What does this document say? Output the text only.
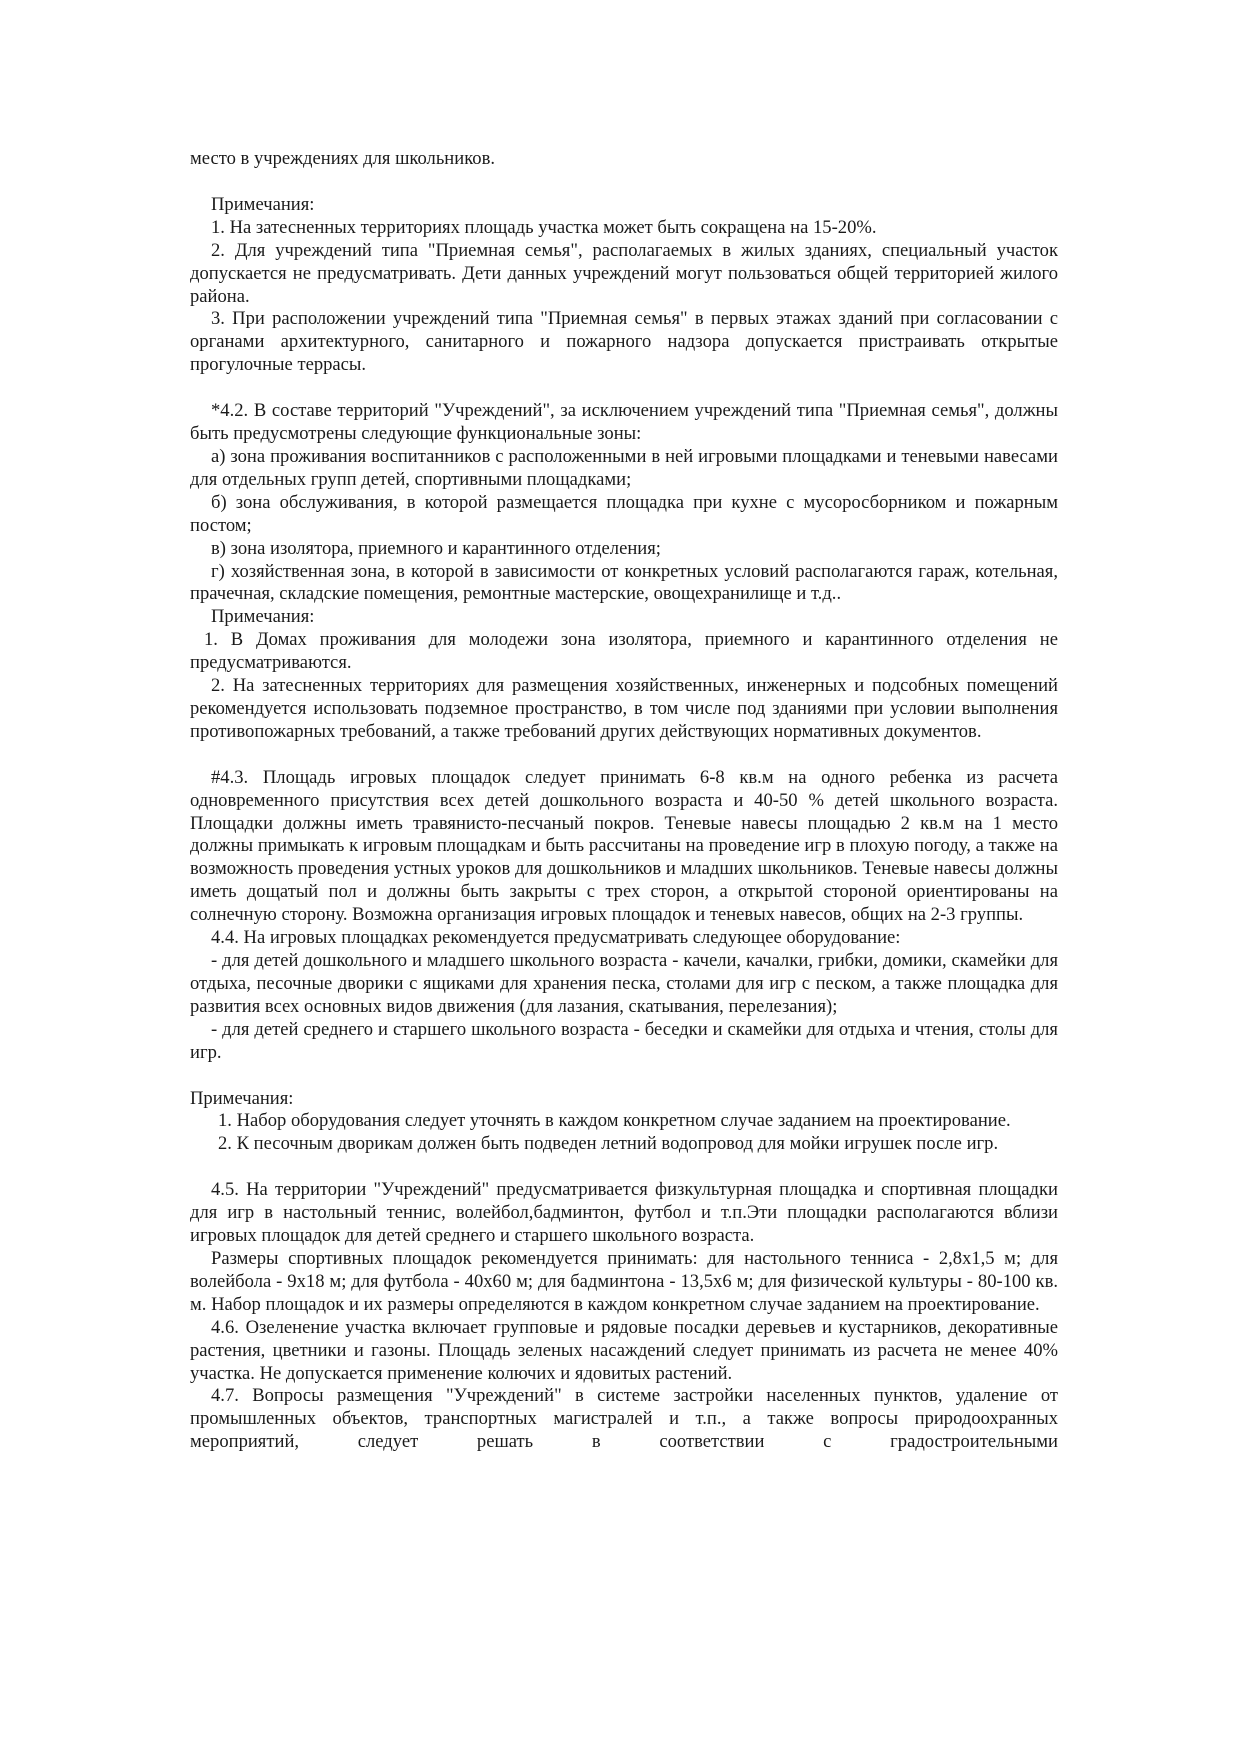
место в учреждениях для школьников.

Примечания:

1. На затесненных территориях площадь участка может быть сокращена на 15-20%.

2. Для учреждений типа "Приемная семья", располагаемых в жилых зданиях, специальный участок допускается не предусматривать. Дети данных учреждений могут пользоваться общей территорией жилого района.

3. При расположении учреждений типа "Приемная семья" в первых этажах зданий при согласовании с органами архитектурного, санитарного и пожарного надзора допускается пристраивать открытые прогулочные террасы.

*4.2. В составе территорий "Учреждений", за исключением учреждений типа "Приемная семья", должны быть предусмотрены следующие функциональные зоны:

а) зона проживания воспитанников с расположенными в ней игровыми площадками и теневыми навесами для отдельных групп детей, спортивными площадками;

б) зона обслуживания, в которой размещается площадка при кухне с мусоросборником и пожарным постом;

в) зона изолятора, приемного и карантинного отделения;

г) хозяйственная зона, в которой в зависимости от конкретных условий располагаются гараж, котельная, прачечная, складские помещения, ремонтные мастерские, овощехранилище и т.д..

Примечания:

1. В Домах проживания для молодежи зона изолятора, приемного и карантинного отделения не предусматриваются.

2. На затесненных территориях для размещения хозяйственных, инженерных и подсобных помещений рекомендуется использовать подземное пространство, в том числе под зданиями при условии выполнения противопожарных требований, а также требований других действующих нормативных документов.

#4.3. Площадь игровых площадок следует принимать 6-8 кв.м на одного ребенка из расчета одновременного присутствия всех детей дошкольного возраста и 40-50 % детей школьного возраста. Площадки должны иметь травянисто-песчаный покров. Теневые навесы площадью 2 кв.м на 1 место должны примыкать к игровым площадкам и быть рассчитаны на проведение игр в плохую погоду, а также на возможность проведения устных уроков для дошкольников и младших школьников. Теневые навесы должны иметь дощатый пол и должны быть закрыты с трех сторон, а открытой стороной ориентированы на солнечную сторону. Возможна организация игровых площадок и теневых навесов, общих на 2-3 группы.

4.4. На игровых площадках рекомендуется предусматривать следующее оборудование:

- для детей дошкольного и младшего школьного возраста - качели, качалки, грибки, домики, скамейки для отдыха, песочные дворики с ящиками для хранения песка, столами для игр с песком, а также площадка для развития всех основных видов движения (для лазания, скатывания, перелезания);

- для детей среднего и старшего школьного возраста - беседки и скамейки для отдыха и чтения, столы для игр.

Примечания:

1. Набор оборудования следует уточнять в каждом конкретном случае заданием на проектирование.

2. К песочным дворикам должен быть подведен летний водопровод для мойки игрушек после игр.

4.5. На территории "Учреждений" предусматривается физкультурная площадка и спортивная площадки для игр в настольный теннис, волейбол,бадминтон, футбол и т.п.Эти площадки располагаются вблизи игровых площадок для детей среднего и старшего школьного возраста.

Размеры спортивных площадок рекомендуется принимать: для настольного тенниса - 2,8х1,5 м; для волейбола - 9х18 м; для футбола - 40х60 м; для бадминтона - 13,5х6 м; для физической культуры - 80-100 кв. м. Набор площадок и их размеры определяются в каждом конкретном случае заданием на проектирование.

4.6. Озеленение участка включает групповые и рядовые посадки деревьев и кустарников, декоративные растения, цветники и газоны. Площадь зеленых насаждений следует принимать из расчета не менее 40% участка. Не допускается применение колючих и ядовитых растений.

4.7. Вопросы размещения "Учреждений" в системе застройки населенных пунктов, удаление от промышленных объектов, транспортных магистралей и т.п., а также вопросы природоохранных мероприятий, следует решать в соответствии с градостроительными
